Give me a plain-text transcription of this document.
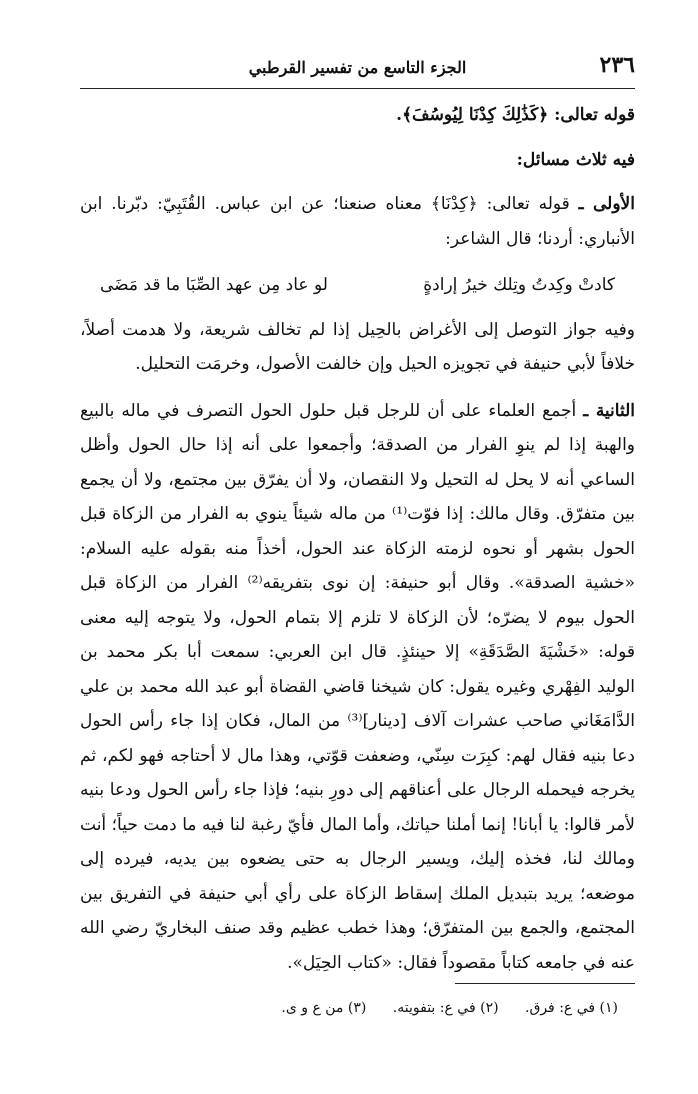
٢٣٦
الجزء التاسع من تفسير القرطبي

قوله تعالى: ﴿كَذَٰلِكَ كِدْنَا لِيُوسُفَ﴾.

فيه ثلاث مسائل:

الأولى ـ قوله تعالى: ﴿كِدْنَا﴾ معناه صنعنا؛ عن ابن عباس. القُتَبِيّ: دبّرنا. ابن الأنباري: أردنا؛ قال الشاعر:

كادتْ وكِدتُ وتِلك خيرُ إرادةٍ
لو عاد مِن عهد الصِّبَا ما قد مَضَى

وفيه جواز التوصل إلى الأغراض بالحِيل إذا لم تخالف شريعة، ولا هدمت أصلاً، خلافاً لأبي حنيفة في تجويزه الحيل وإن خالفت الأصول، وخرمَت التحليل.

الثانية ـ أجمع العلماء على أن للرجل قبل حلول الحول التصرف في ماله بالبيع والهبة إذا لم ينوِ الفرار من الصدقة؛ وأجمعوا على أنه إذا حال الحول وأظل الساعي أنه لا يحل له التحيل ولا النقصان، ولا أن يفرّق بين مجتمع، ولا أن يجمع بين متفرّق. وقال مالك: إذا فوّت⁽¹⁾ من ماله شيئاً ينوي به الفرار من الزكاة قبل الحول بشهر أو نحوه لزمته الزكاة عند الحول، أخذاً منه بقوله عليه السلام: «خشية الصدقة». وقال أبو حنيفة: إن نوى بتفريقه⁽²⁾ الفرار من الزكاة قبل الحول بيوم لا يضرّه؛ لأن الزكاة لا تلزم إلا بتمام الحول، ولا يتوجه إليه معنى قوله: «خَشْيَةَ الصَّدَقَةِ» إلا حينئذٍ. قال ابن العربي: سمعت أبا بكر محمد بن الوليد الفِهْري وغيره يقول: كان شيخنا قاضي القضاة أبو عبد الله محمد بن علي الدَّامَغَاني صاحب عشرات آلاف [دينار]⁽³⁾ من المال، فكان إذا جاء رأس الحول دعا بنيه فقال لهم: كبِرَت سِنّي، وضعفت قوّتي، وهذا مال لا أحتاجه فهو لكم، ثم يخرجه فيحمله الرجال على أعناقهم إلى دورِ بنيه؛ فإذا جاء رأس الحول ودعا بنيه لأمر قالوا: يا أبانا! إنما أملنا حياتك، وأما المال فأيّ رغبة لنا فيه ما دمت حياً؛ أنت ومالك لنا، فخذه إليك، ويسير الرجال به حتى يضعوه بين يديه، فيرده إلى موضعه؛ يريد بتبديل الملك إسقاط الزكاة على رأي أبي حنيفة في التفريق بين المجتمع، والجمع بين المتفرّق؛ وهذا خطب عظيم وقد صنف البخاريّ رضي الله عنه في جامعه كتاباً مقصوداً فقال: «كتاب الحِيَل».

(١) في ع: فرق. (٢) في ع: بتفويته. (٣) من ع و ى.
